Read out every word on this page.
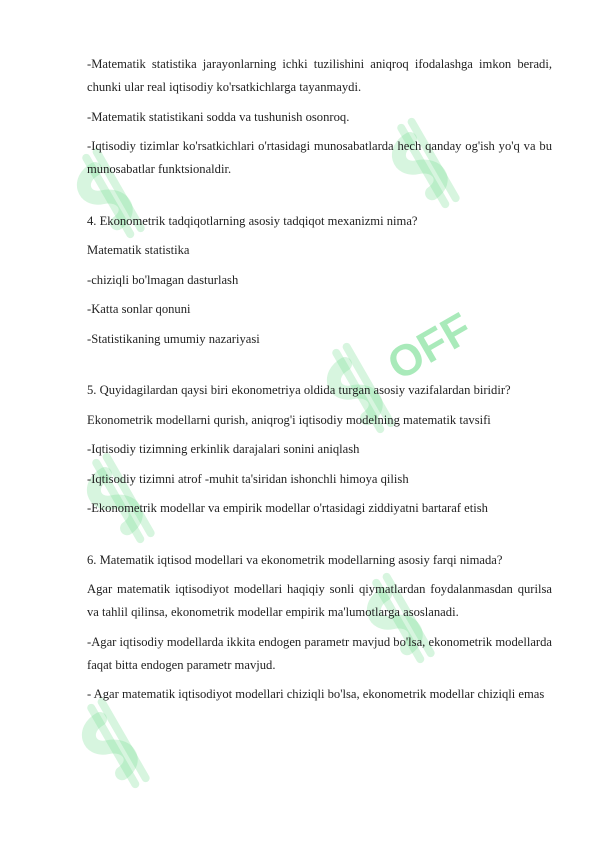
OFF

-Matematik statistika jarayonlarning ichki tuzilishini aniqroq ifodalashga imkon beradi, chunki ular real iqtisodiy ko'rsatkichlarga tayanmaydi.

-Matematik statistikani sodda va tushunish osonroq.

-Iqtisodiy tizimlar ko'rsatkichlari o'rtasidagi munosabatlarda hech qanday og'ish yo'q va bu munosabatlar funktsionaldir.

4. Ekonometrik tadqiqotlarning asosiy tadqiqot mexanizmi nima?

Matematik statistika

-chiziqli bo'lmagan dasturlash

-Katta sonlar qonuni

-Statistikaning umumiy nazariyasi

5. Quyidagilardan qaysi biri ekonometriya oldida turgan asosiy vazifalardan biridir?

Ekonometrik modellarni qurish, aniqrog'i iqtisodiy modelning matematik tavsifi

-Iqtisodiy tizimning erkinlik darajalari sonini aniqlash

-Iqtisodiy tizimni atrof -muhit ta'siridan ishonchli himoya qilish

-Ekonometrik modellar va empirik modellar o'rtasidagi ziddiyatni bartaraf etish

6. Matematik iqtisod modellari va ekonometrik modellarning asosiy farqi nimada?

Agar matematik iqtisodiyot modellari haqiqiy sonli qiymatlardan foydalanmasdan qurilsa va tahlil qilinsa, ekonometrik modellar empirik ma'lumotlarga asoslanadi.

-Agar iqtisodiy modellarda ikkita endogen parametr mavjud bo'lsa, ekonometrik modellarda faqat bitta endogen parametr mavjud.

- Agar matematik iqtisodiyot modellari chiziqli bo'lsa, ekonometrik modellar chiziqli emas
